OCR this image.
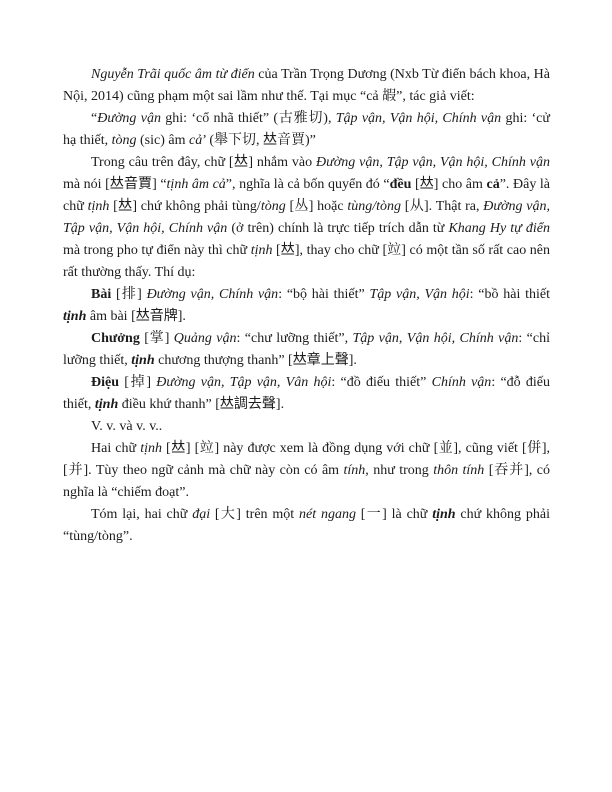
Nguyễn Trãi quốc âm từ điển của Trần Trọng Dương (Nxb Từ điển bách khoa, Hà Nội, 2014) cũng phạm một sai lầm như thế. Tại mục “cả 嘏”, tác giả viết:

“Đường vận ghi: ‘cổ nhã thiết” (古雅切), Tập vận, Vận hội, Chính vận ghi: ‘cử hạ thiết, tòng (sic) âm cả’ (舉下切, 𠀤音賈)”

Trong câu trên đây, chữ [𠀤] nhắm vào Đường vận, Tập vận, Vận hội, Chính vận mà nói [𠀤音賈] “tịnh âm cả”, nghĩa là cả bốn quyển đó “đều [𠀤] cho âm cả”. Đây là chữ tịnh [𠀤] chứ không phải tùng/tòng [丛] hoặc tùng/tòng [从]. Thật ra, Đường vận, Tập vận, Vận hội, Chính vận (ở trên) chính là trực tiếp trích dẫn từ Khang Hy tự điển mà trong pho tự điển này thì chữ tịnh [𠀤], thay cho chữ [竝] có một tần số rất cao nên rất thường thấy. Thí dụ:

Bài [排] Đường vận, Chính vận: “bộ hài thiết” Tập vận, Vận hội: “bồ hài thiết tịnh âm bài [𠀤音牌].

Chưởng [掌] Quảng vận: “chư lưỡng thiết”, Tập vận, Vận hội, Chính vận: “chỉ lưỡng thiết, tịnh chương thượng thanh” [𠀤章上聲].

Điệu [掉] Đường vận, Tập vận, Vân hội: “đồ điếu thiết” Chính vận: “đỗ điếu thiết, tịnh điều khứ thanh” [𠀤調去聲].

V. v. và v. v..

Hai chữ tịnh [𠀤] [竝] này được xem là đồng dụng với chữ [並], cũng viết [併], [并]. Tùy theo ngữ cảnh mà chữ này còn có âm tính, như trong thôn tính [吞并], có nghĩa là “chiếm đoạt”.

Tóm lại, hai chữ đại [大] trên một nét ngang [一] là chữ tịnh chứ không phải “tùng/tòng”.
